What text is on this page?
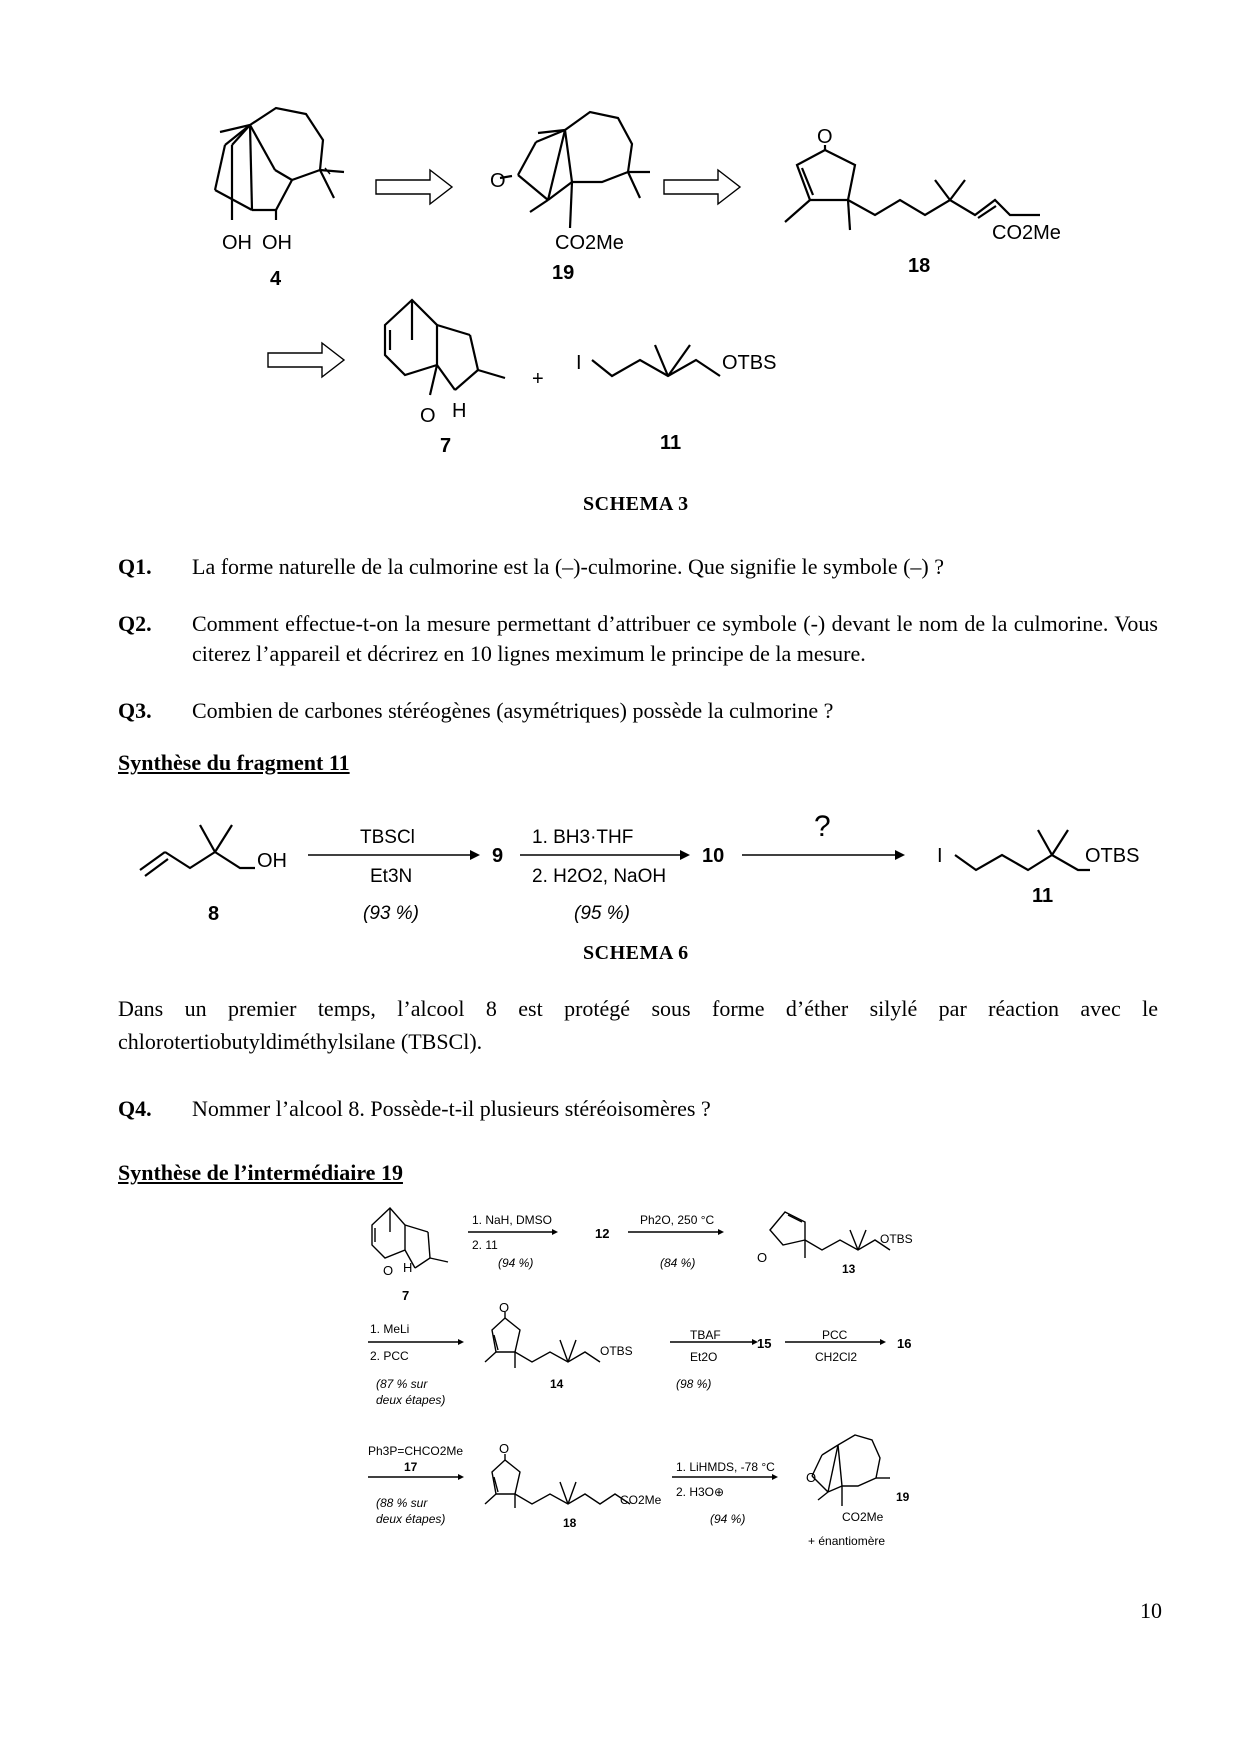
OH OH
4
O
CO2Me
19
O
CO2Me
18
O H
7
+
I	OTBS
11
SCHEMA 3
Q1. La forme naturelle de la culmorine est la (–)-culmorine. Que signifie le symbole (–) ?
Q2. Comment effectue-t-on la mesure permettant d’attribuer ce symbole (-) devant le nom de la culmorine. Vous citerez l’appareil et décrirez en 10 lignes meximum le principe de la mesure.
Q3. Combien de carbones stéréogènes (asymétriques) possède la culmorine ?
Synthèse du fragment 11
OH
8
TBSCl
Et3N
(93 %)
9
1. BH3·THF
2. H2O2, NaOH
(95 %)
10
?
I	OTBS
11
SCHEMA 6
Dans un premier temps, l’alcool 8 est protégé sous forme d’éther silylé par réaction avec le chlorotertiobutyldiméthylsilane (TBSCl).
Q4. Nommer l’alcool 8. Possède-t-il plusieurs stéréoisomères ?
Synthèse de l’intermédiaire 19
O H
7
1. NaH, DMSO
2. 11
(94 %)
12
Ph2O, 250 °C
(84 %)	O
OTBS
13
1. MeLi
2. PCC
(87 % sur
deux étapes)
O
OTBS
14
TBAF
Et2O
(98 %)
15
PCC
CH2Cl2
16
Ph3P=CHCO2Me
17
(88 % sur
deux étapes)
O
CO2Me
18
1. LiHMDS, -78 °C
2. H3O⊕
(94 %)
O
CO2Me
19
+ énantiomère
10
